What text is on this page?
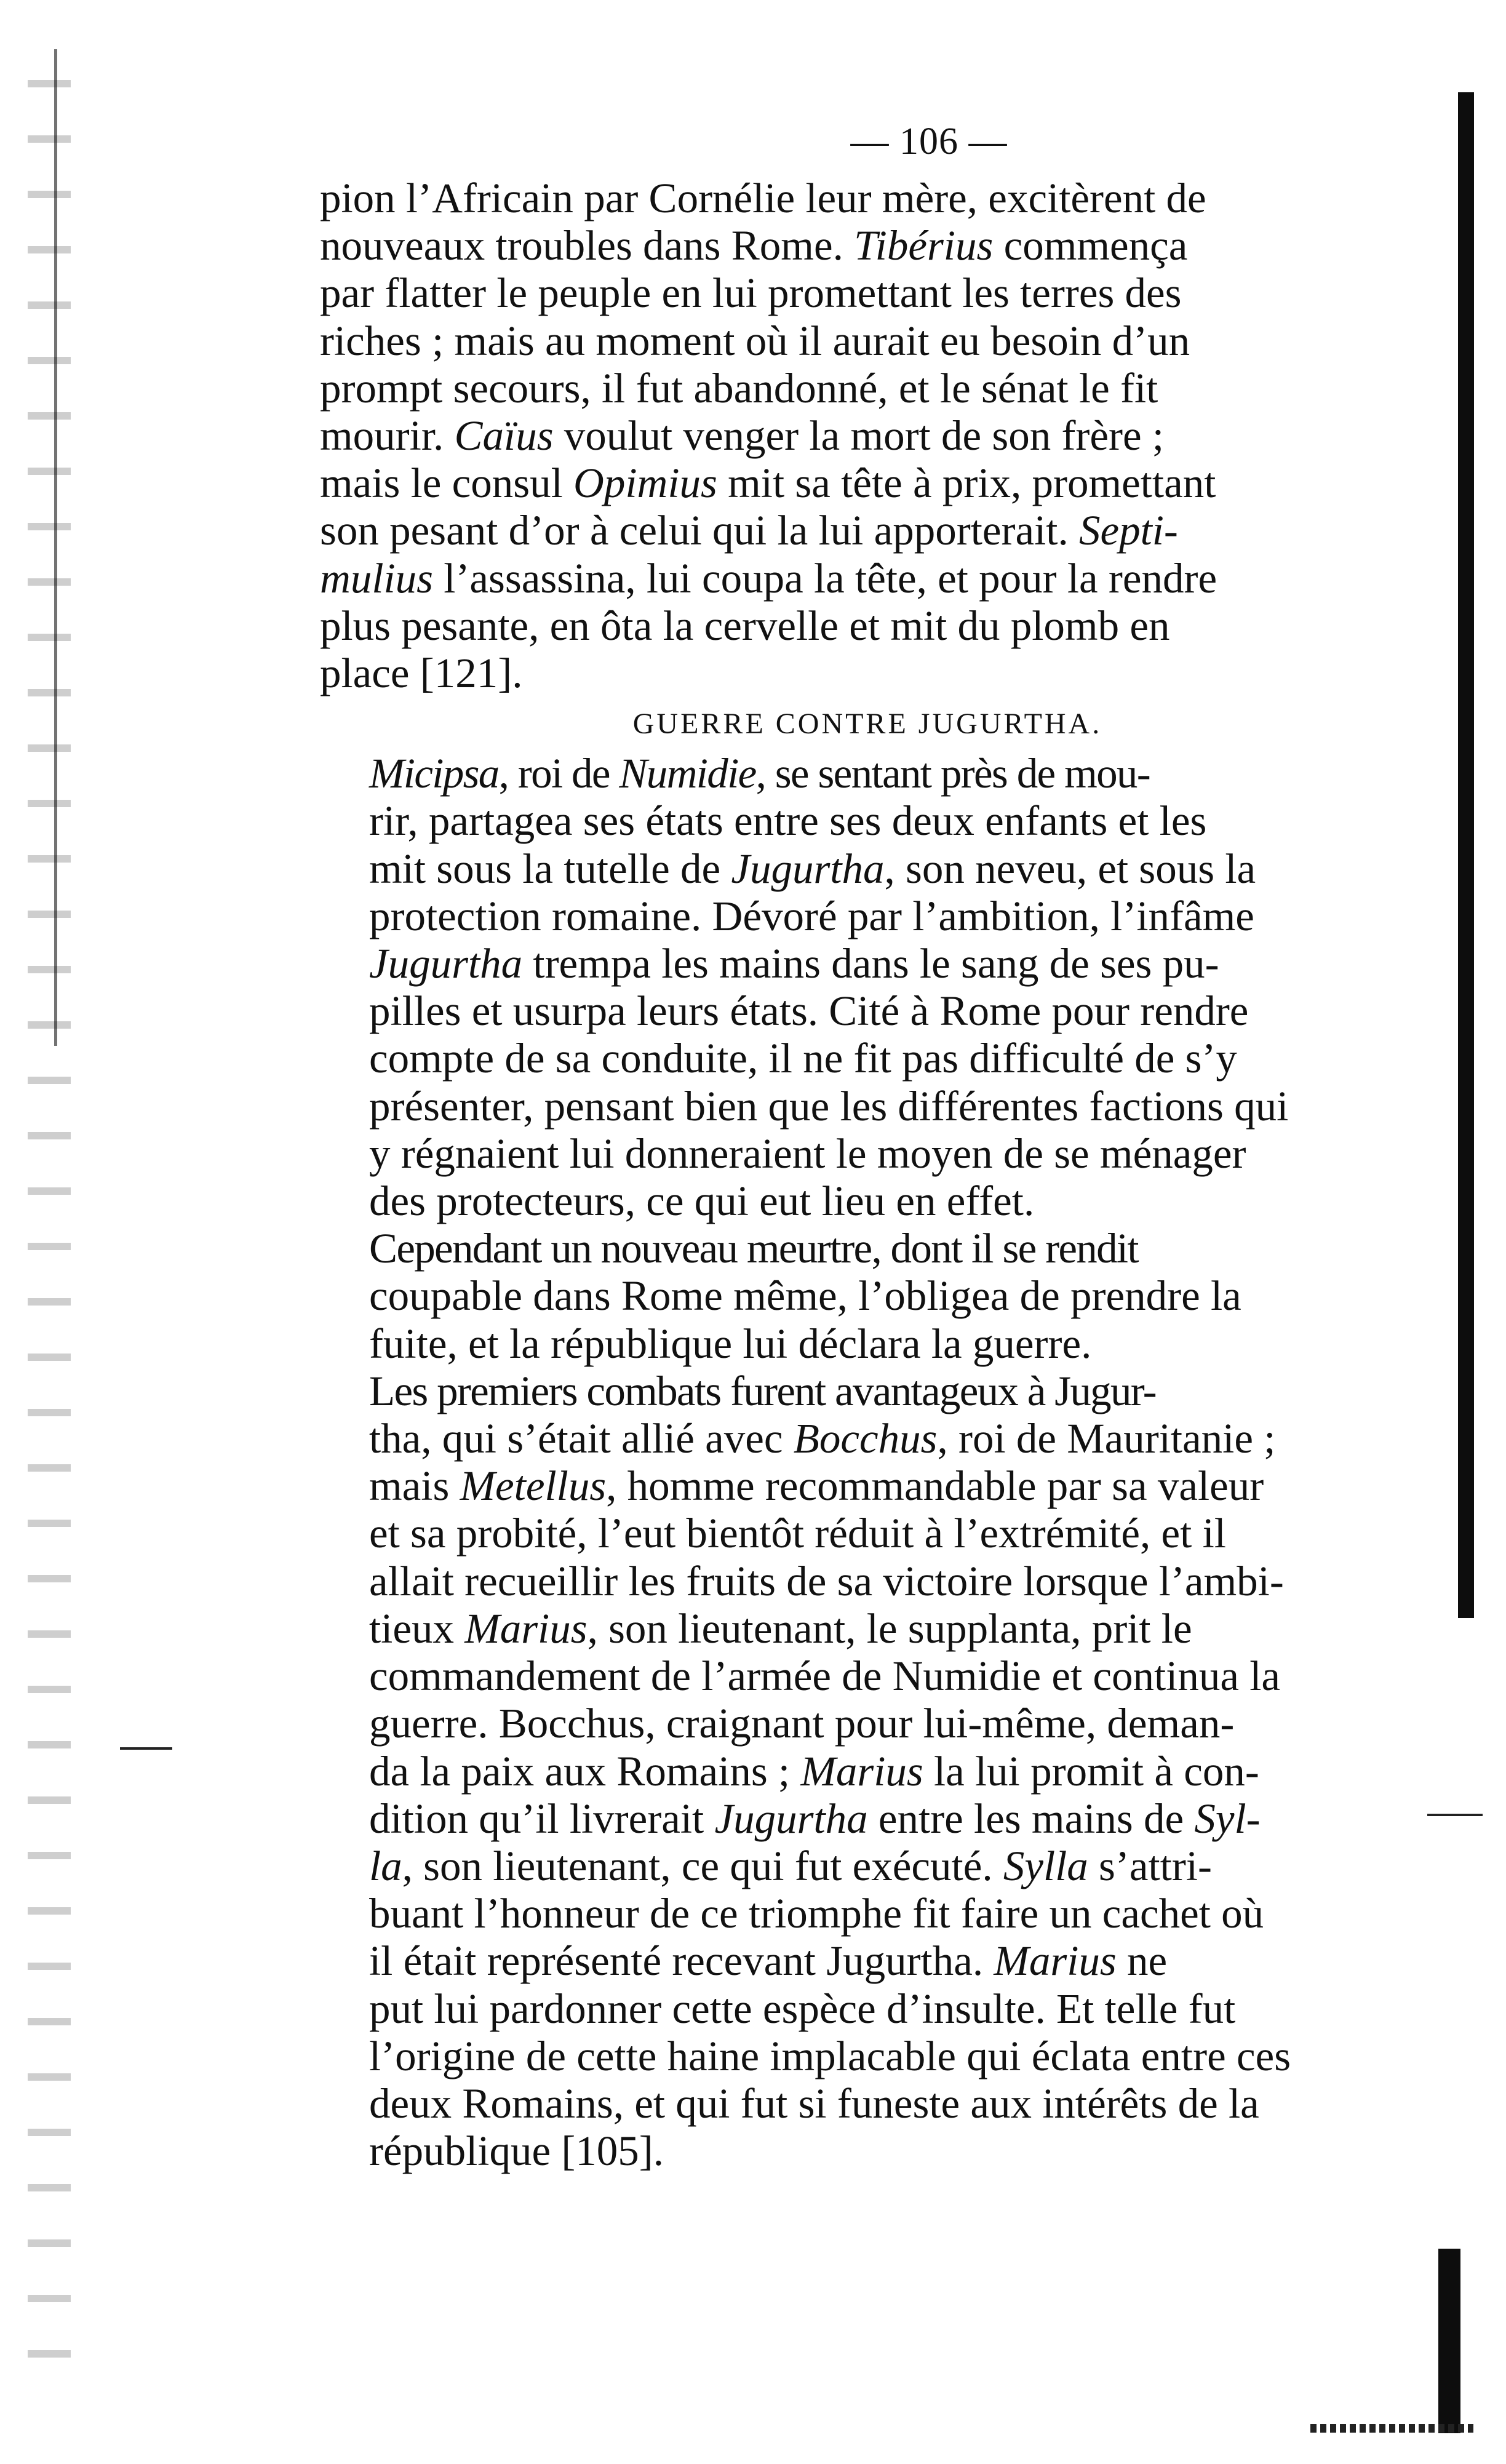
— 106 —

pion l’Africain par Cornélie leur mère, excitèrent de
nouveaux troubles dans Rome. Tibérius commença
par flatter le peuple en lui promettant les terres des
riches ; mais au moment où il aurait eu besoin d’un
prompt secours, il fut abandonné, et le sénat le fit
mourir. Caïus voulut venger la mort de son frère ;
mais le consul Opimius mit sa tête à prix, promettant
son pesant d’or à celui qui la lui apporterait. Septi-
mulius l’assassina, lui coupa la tête, et pour la rendre
plus pesante, en ôta la cervelle et mit du plomb en
place [121].

GUERRE CONTRE JUGURTHA.

Micipsa, roi de Numidie, se sentant près de mou-
rir, partagea ses états entre ses deux enfants et les
mit sous la tutelle de Jugurtha, son neveu, et sous la
protection romaine. Dévoré par l’ambition, l’infâme
Jugurtha trempa les mains dans le sang de ses pu-
pilles et usurpa leurs états. Cité à Rome pour rendre
compte de sa conduite, il ne fit pas difficulté de s’y
présenter, pensant bien que les différentes factions qui
y régnaient lui donneraient le moyen de se ménager
des protecteurs, ce qui eut lieu en effet.

Cependant un nouveau meurtre, dont il se rendit
coupable dans Rome même, l’obligea de prendre la
fuite, et la république lui déclara la guerre.

Les premiers combats furent avantageux à Jugur-
tha, qui s’était allié avec Bocchus, roi de Mauritanie ;
mais Metellus, homme recommandable par sa valeur
et sa probité, l’eut bientôt réduit à l’extrémité, et il
allait recueillir les fruits de sa victoire lorsque l’ambi-
tieux Marius, son lieutenant, le supplanta, prit le
commandement de l’armée de Numidie et continua la
guerre. Bocchus, craignant pour lui-même, deman-
da la paix aux Romains ; Marius la lui promit à con-
dition qu’il livrerait Jugurtha entre les mains de Syl-
la, son lieutenant, ce qui fut exécuté. Sylla s’attri-
buant l’honneur de ce triomphe fit faire un cachet où
il était représenté recevant Jugurtha. Marius ne
put lui pardonner cette espèce d’insulte. Et telle fut
l’origine de cette haine implacable qui éclata entre ces
deux Romains, et qui fut si funeste aux intérêts de la
république [105].
